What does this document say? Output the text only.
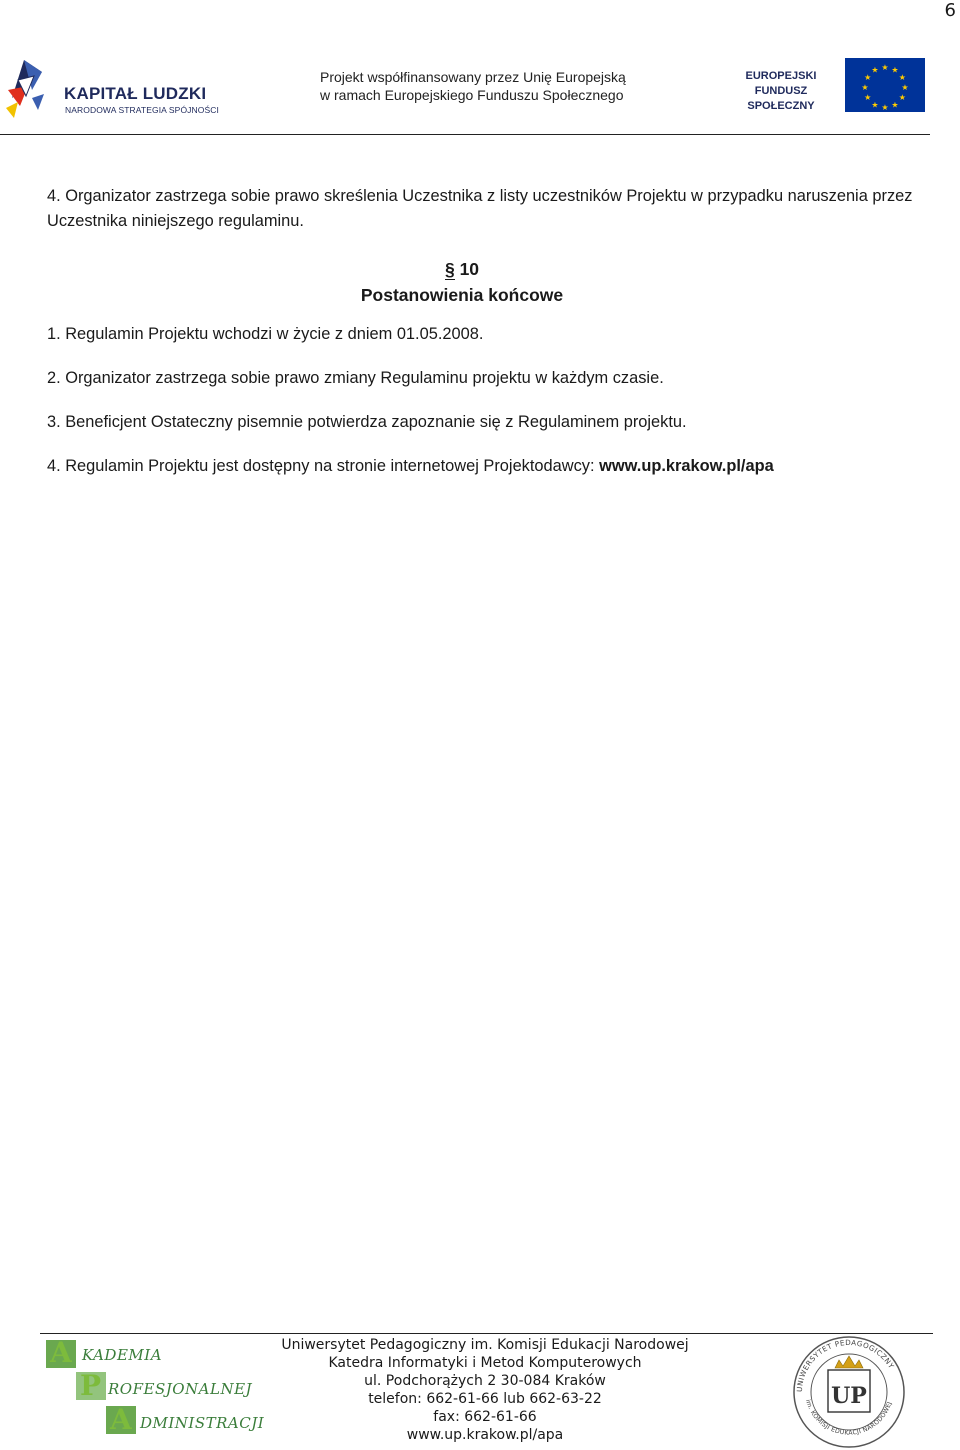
6
KAPITAŁ LUDZKI
NARODOWA STRATEGIA SPÓJNOŚCI
Projekt współfinansowany przez Unię Europejską
w ramach Europejskiego Funduszu Społecznego
EUROPEJSKI
FUNDUSZ SPOŁECZNY
★ ★
★
★
★
★
★
★
★
★
★
★

4. Organizator zastrzega sobie prawo skreślenia Uczestnika z listy uczestników Projektu w przypadku naruszenia przez Uczestnika niniejszego regulaminu.

§ 10
Postanowienia końcowe

1. Regulamin Projektu wchodzi w życie z dniem 01.05.2008.

2. Organizator zastrzega sobie prawo zmiany Regulaminu projektu w każdym czasie.

3. Beneficjent Ostateczny pisemnie potwierdza zapoznanie się z Regulaminem projektu.

4. Regulamin Projektu jest dostępny na stronie internetowej Projektodawcy: www.up.krakow.pl/apa

A KADEMIA
P ROFESJONALNEJ
A DMINISTRACJI
Uniwersytet Pedagogiczny im. Komisji Edukacji Narodowej
Katedra Informatyki i Metod Komputerowych
ul. Podchorążych 2 30-084 Kraków
telefon: 662-61-66 lub 662-63-22
fax: 662-61-66
www.up.krakow.pl/apa
UNIWERSYTET PEDAGOGICZNY
im. KOMISJI EDUKACJI NARODOWEJ
UP
